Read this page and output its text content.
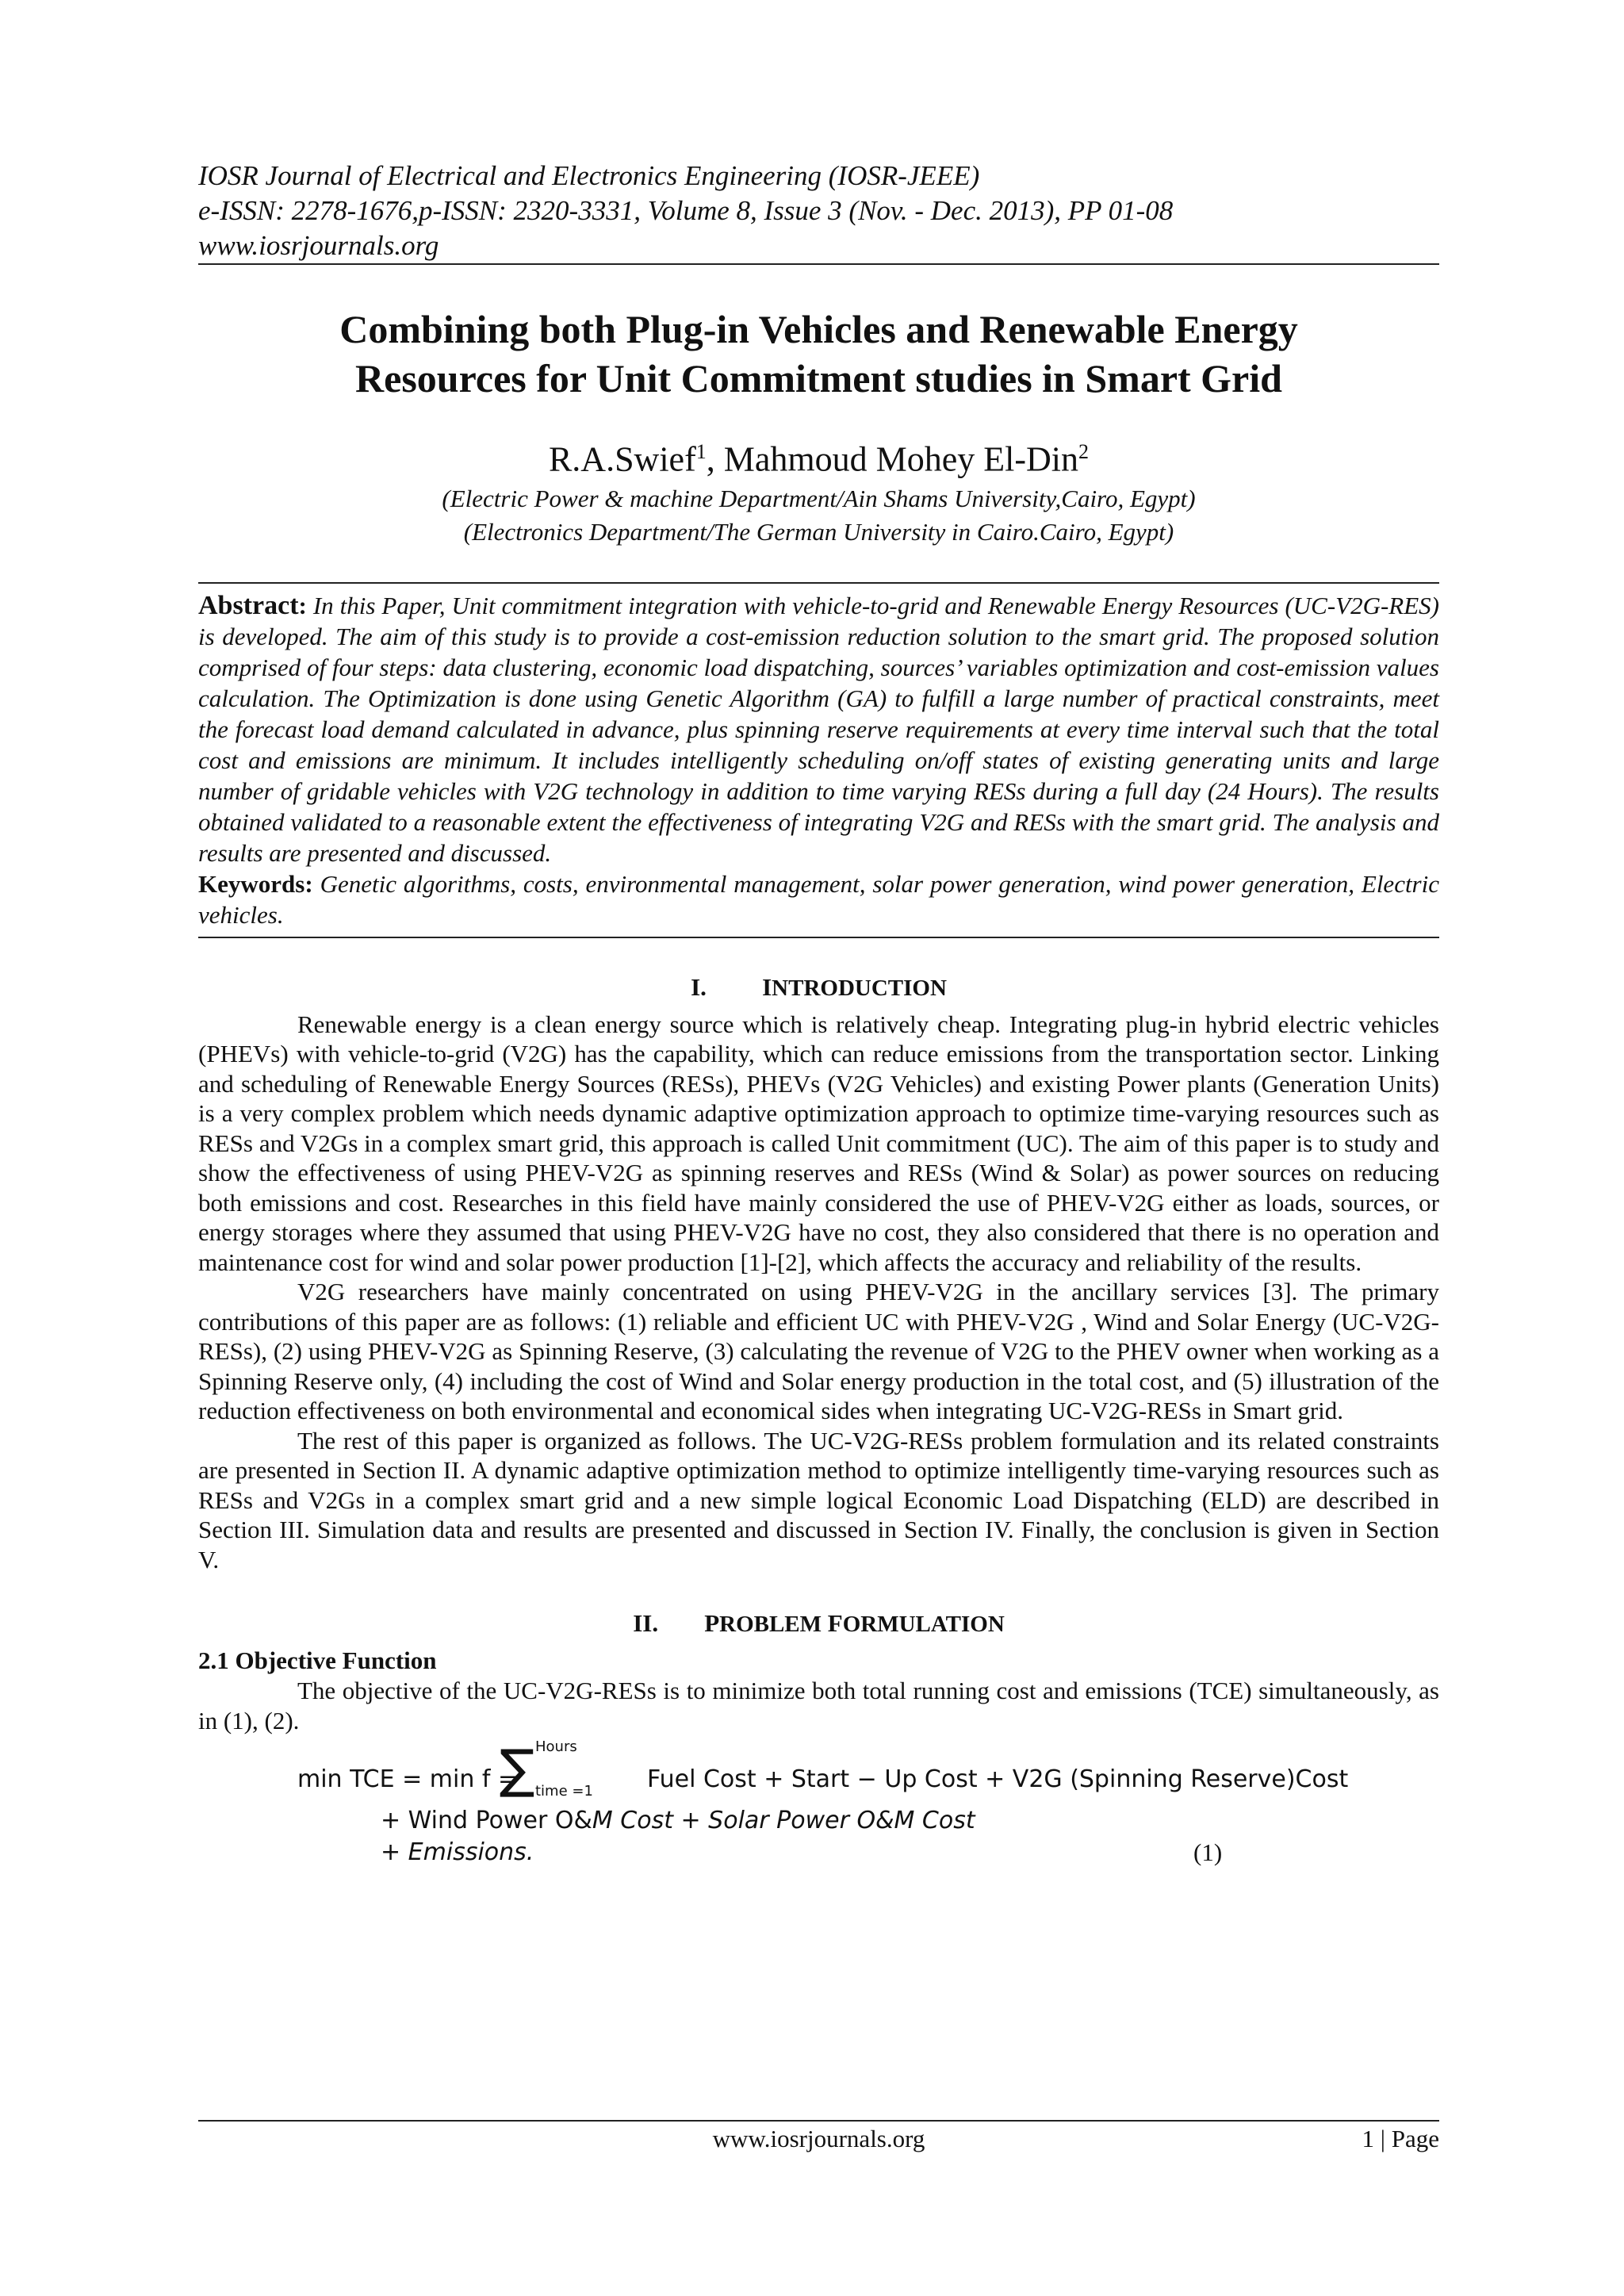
IOSR Journal of Electrical and Electronics Engineering (IOSR-JEEE)
e-ISSN: 2278-1676,p-ISSN: 2320-3331, Volume 8, Issue 3 (Nov. - Dec. 2013), PP 01-08
www.iosrjournals.org
Combining both Plug-in Vehicles and Renewable Energy
Resources for Unit Commitment studies in Smart Grid
R.A.Swief$^1$, Mahmoud Mohey El-Din$^2$
(Electric Power & machine Department/Ain Shams University,Cairo, Egypt)
(Electronics Department/The German University in Cairo.Cairo, Egypt)
Abstract: In this Paper, Unit commitment integration with vehicle-to-grid and Renewable Energy Resources (UC-V2G-RES) is developed. The aim of this study is to provide a cost-emission reduction solution to the smart grid. The proposed solution comprised of four steps: data clustering, economic load dispatching, sources’ variables optimization and cost-emission values calculation. The Optimization is done using Genetic Algorithm (GA) to fulfill a large number of practical constraints, meet the forecast load demand calculated in advance, plus spinning reserve requirements at every time interval such that the total cost and emissions are minimum. It includes intelligently scheduling on/off states of existing generating units and large number of gridable vehicles with V2G technology in addition to time varying RESs during a full day (24 Hours). The results obtained validated to a reasonable extent the effectiveness of integrating V2G and RESs with the smart grid. The analysis and results are presented and discussed.
Keywords: Genetic algorithms, costs, environmental management, solar power generation, wind power generation, Electric vehicles.
I. INTRODUCTION

Renewable energy is a clean energy source which is relatively cheap. Integrating plug-in hybrid electric vehicles (PHEVs) with vehicle-to-grid (V2G) has the capability, which can reduce emissions from the transportation sector. Linking and scheduling of Renewable Energy Sources (RESs), PHEVs (V2G Vehicles) and existing Power plants (Generation Units) is a very complex problem which needs dynamic adaptive optimization approach to optimize time-varying resources such as RESs and V2Gs in a complex smart grid, this approach is called Unit commitment (UC). The aim of this paper is to study and show the effectiveness of using PHEV-V2G as spinning reserves and RESs (Wind & Solar) as power sources on reducing both emissions and cost. Researches in this field have mainly considered the use of PHEV-V2G either as loads, sources, or energy storages where they assumed that using PHEV-V2G have no cost, they also considered that there is no operation and maintenance cost for wind and solar power production [1]-[2], which affects the accuracy and reliability of the results.

V2G researchers have mainly concentrated on using PHEV-V2G in the ancillary services [3]. The primary contributions of this paper are as follows: (1) reliable and efficient UC with PHEV-V2G , Wind and Solar Energy (UC-V2G-RESs), (2) using PHEV-V2G as Spinning Reserve, (3) calculating the revenue of V2G to the PHEV owner when working as a Spinning Reserve only, (4) including the cost of Wind and Solar energy production in the total cost, and (5) illustration of the reduction effectiveness on both environmental and economical sides when integrating UC-V2G-RESs in Smart grid.

The rest of this paper is organized as follows. The UC-V2G-RESs problem formulation and its related constraints are presented in Section II. A dynamic adaptive optimization method to optimize intelligently time-varying resources such as RESs and V2Gs in a complex smart grid and a new simple logical Economic Load Dispatching (ELD) are described in Section III. Simulation data and results are presented and discussed in Section IV. Finally, the conclusion is given in Section V.

II. PROBLEM FORMULATION
2.1 Objective Function

The objective of the UC-V2G-RESs is to minimize both total running cost and emissions (TCE) simultaneously, as in (1), (2).

min TCE = min f =
∑ Hours
time =1 Fuel Cost + Start − Up Cost + V2G (Spinning Reserve)Cost
+ Wind Power O&M Cost + Solar Power O&M Cost
+ Emissions.	(1)
www.iosrjournals.org	1 | Page
